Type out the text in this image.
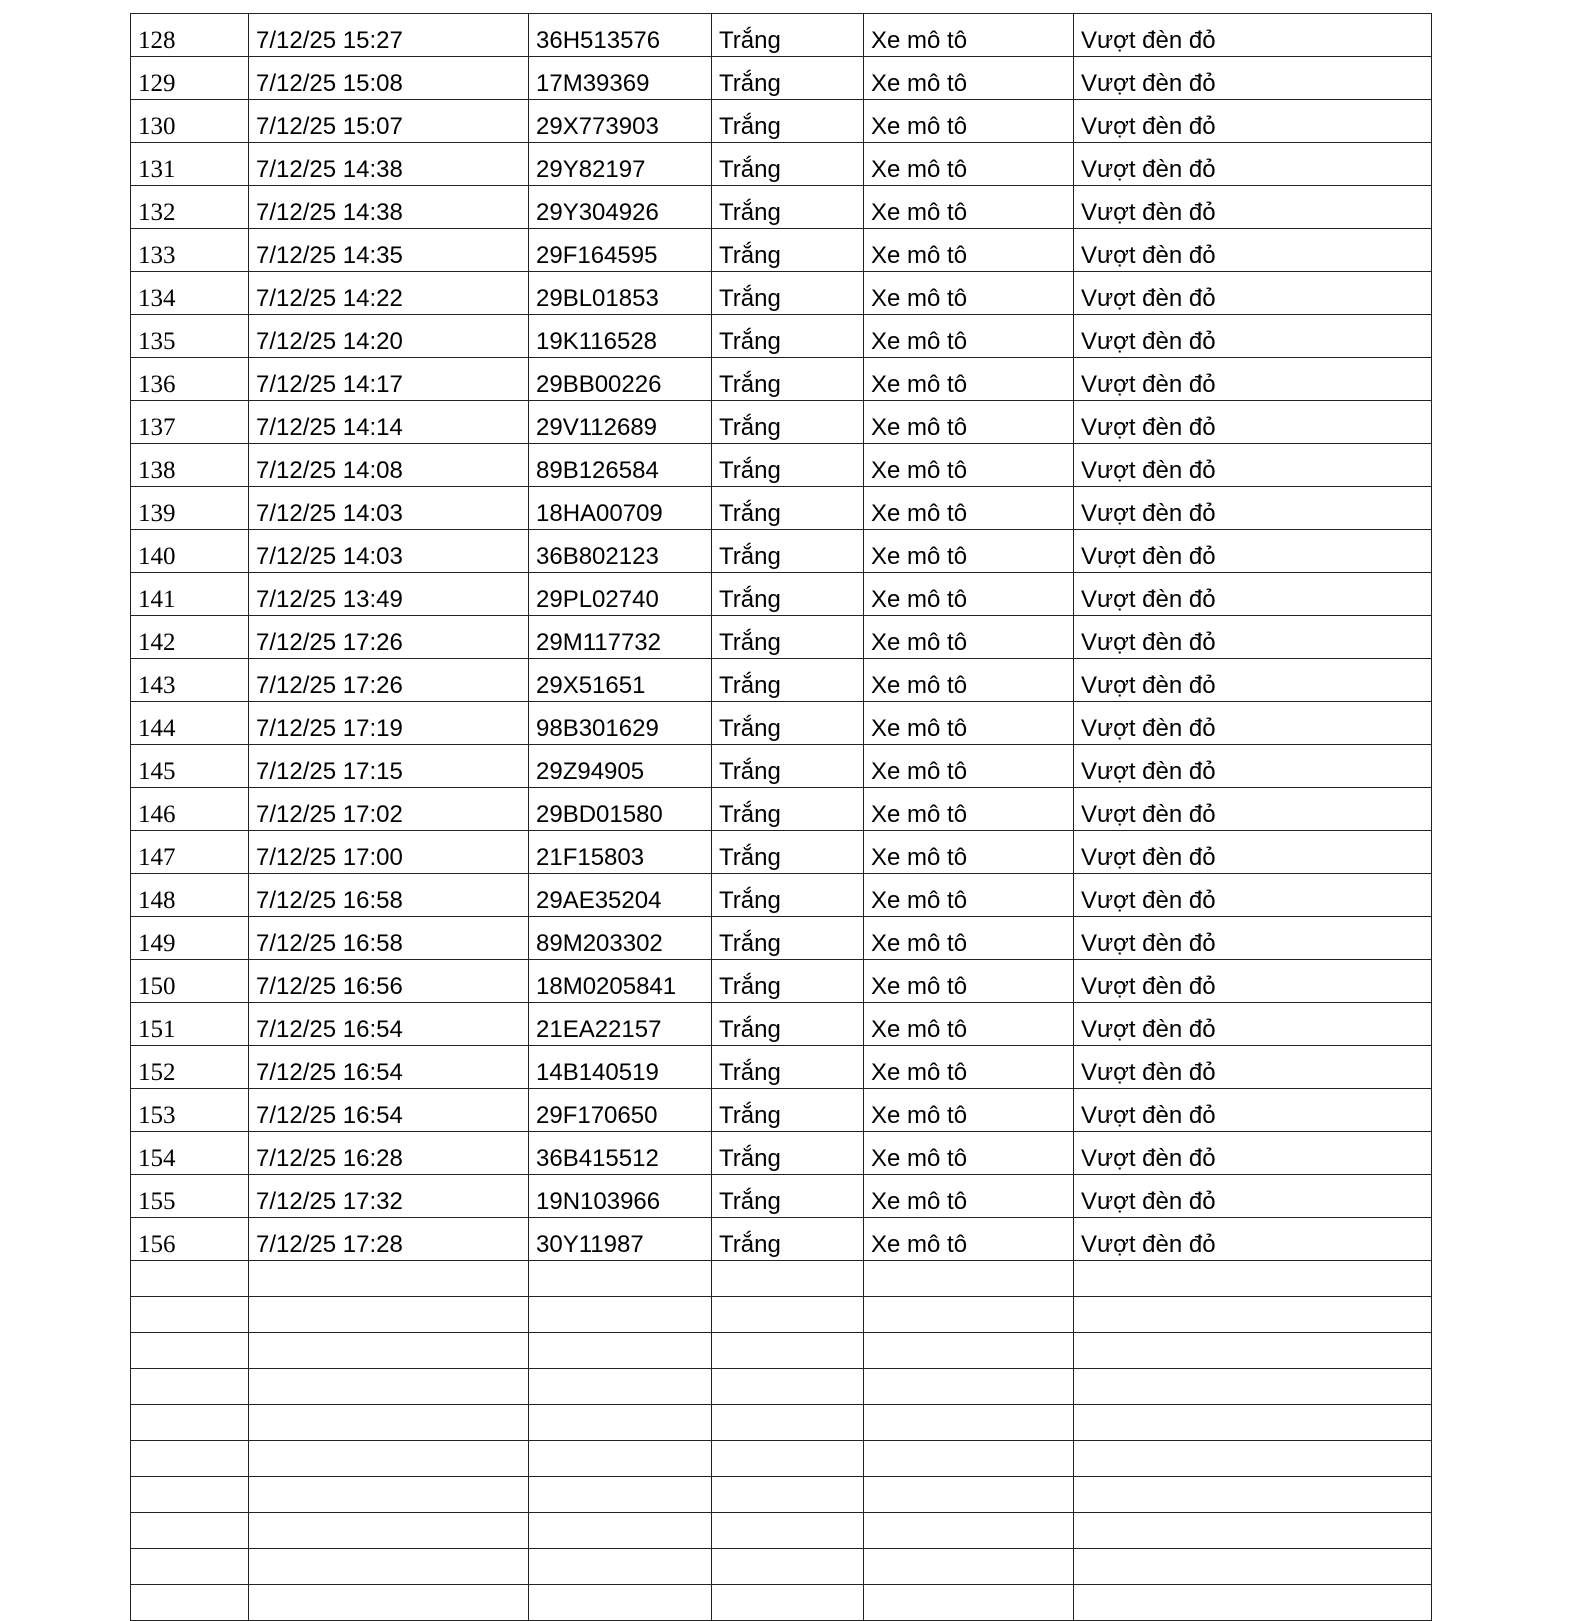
128	7/12/25 15:27	36H513576	Trắng	Xe mô tô	Vượt đèn đỏ
129	7/12/25 15:08	17M39369	Trắng	Xe mô tô	Vượt đèn đỏ
130	7/12/25 15:07	29X773903	Trắng	Xe mô tô	Vượt đèn đỏ
131	7/12/25 14:38	29Y82197	Trắng	Xe mô tô	Vượt đèn đỏ
132	7/12/25 14:38	29Y304926	Trắng	Xe mô tô	Vượt đèn đỏ
133	7/12/25 14:35	29F164595	Trắng	Xe mô tô	Vượt đèn đỏ
134	7/12/25 14:22	29BL01853	Trắng	Xe mô tô	Vượt đèn đỏ
135	7/12/25 14:20	19K116528	Trắng	Xe mô tô	Vượt đèn đỏ
136	7/12/25 14:17	29BB00226	Trắng	Xe mô tô	Vượt đèn đỏ
137	7/12/25 14:14	29V112689	Trắng	Xe mô tô	Vượt đèn đỏ
138	7/12/25 14:08	89B126584	Trắng	Xe mô tô	Vượt đèn đỏ
139	7/12/25 14:03	18HA00709	Trắng	Xe mô tô	Vượt đèn đỏ
140	7/12/25 14:03	36B802123	Trắng	Xe mô tô	Vượt đèn đỏ
141	7/12/25 13:49	29PL02740	Trắng	Xe mô tô	Vượt đèn đỏ
142	7/12/25 17:26	29M117732	Trắng	Xe mô tô	Vượt đèn đỏ
143	7/12/25 17:26	29X51651	Trắng	Xe mô tô	Vượt đèn đỏ
144	7/12/25 17:19	98B301629	Trắng	Xe mô tô	Vượt đèn đỏ
145	7/12/25 17:15	29Z94905	Trắng	Xe mô tô	Vượt đèn đỏ
146	7/12/25 17:02	29BD01580	Trắng	Xe mô tô	Vượt đèn đỏ
147	7/12/25 17:00	21F15803	Trắng	Xe mô tô	Vượt đèn đỏ
148	7/12/25 16:58	29AE35204	Trắng	Xe mô tô	Vượt đèn đỏ
149	7/12/25 16:58	89M203302	Trắng	Xe mô tô	Vượt đèn đỏ
150	7/12/25 16:56	18M0205841	Trắng	Xe mô tô	Vượt đèn đỏ
151	7/12/25 16:54	21EA22157	Trắng	Xe mô tô	Vượt đèn đỏ
152	7/12/25 16:54	14B140519	Trắng	Xe mô tô	Vượt đèn đỏ
153	7/12/25 16:54	29F170650	Trắng	Xe mô tô	Vượt đèn đỏ
154	7/12/25 16:28	36B415512	Trắng	Xe mô tô	Vượt đèn đỏ
155	7/12/25 17:32	19N103966	Trắng	Xe mô tô	Vượt đèn đỏ
156	7/12/25 17:28	30Y11987	Trắng	Xe mô tô	Vượt đèn đỏ
